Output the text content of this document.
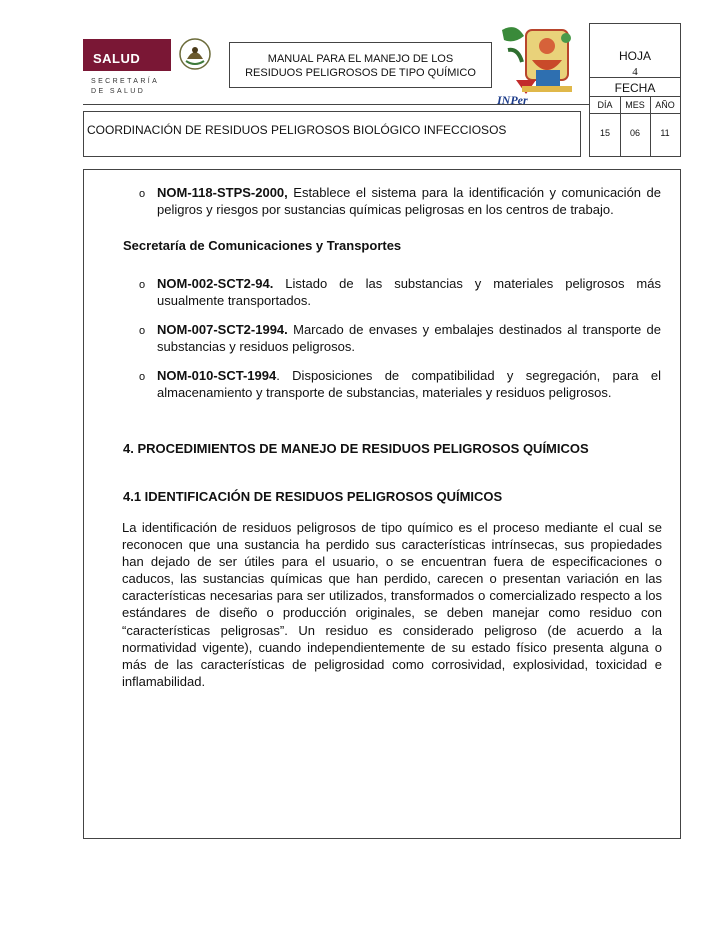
SALUD
SECRETARÍA
DE SALUD
MANUAL PARA EL MANEJO DE LOS
RESIDUOS PELIGROSOS DE TIPO QUÍMICO
INPer
HOJA
4
FECHA
DÍA	MES	AÑO
15	06	11
COORDINACIÓN DE RESIDUOS PELIGROSOS BIOLÓGICO INFECCIOSOS
o NOM-118-STPS-2000, Establece el sistema para la identificación y comunicación de peligros y riesgos por sustancias químicas peligrosas en los centros de trabajo.
Secretaría de Comunicaciones y Transportes
o NOM-002-SCT2-94. Listado de las substancias y materiales peligrosos más usualmente transportados.
o NOM-007-SCT2-1994. Marcado de envases y embalajes destinados al transporte de substancias y residuos peligrosos.
o NOM-010-SCT-1994. Disposiciones de compatibilidad y segregación, para el almacenamiento y transporte de substancias, materiales y residuos peligrosos.
4. PROCEDIMIENTOS DE MANEJO DE RESIDUOS PELIGROSOS QUÍMICOS
4.1 IDENTIFICACIÓN DE RESIDUOS PELIGROSOS QUÍMICOS
La identificación de residuos peligrosos de tipo químico es el proceso mediante el cual se reconocen que una sustancia ha perdido sus características intrínsecas, sus propiedades han dejado de ser útiles para el usuario, o se encuentran fuera de especificaciones o caducos, las sustancias químicas que han perdido, carecen o presentan variación en las características necesarias para ser utilizados, transformados o comercializado respecto a los estándares de diseño o producción originales, se deben manejar como residuo con “características peligrosas”. Un residuo es considerado peligroso (de acuerdo a la normatividad vigente), cuando independientemente de su estado físico presenta alguna o más de las características de peligrosidad como corrosividad, explosividad, toxicidad e inflamabilidad.
